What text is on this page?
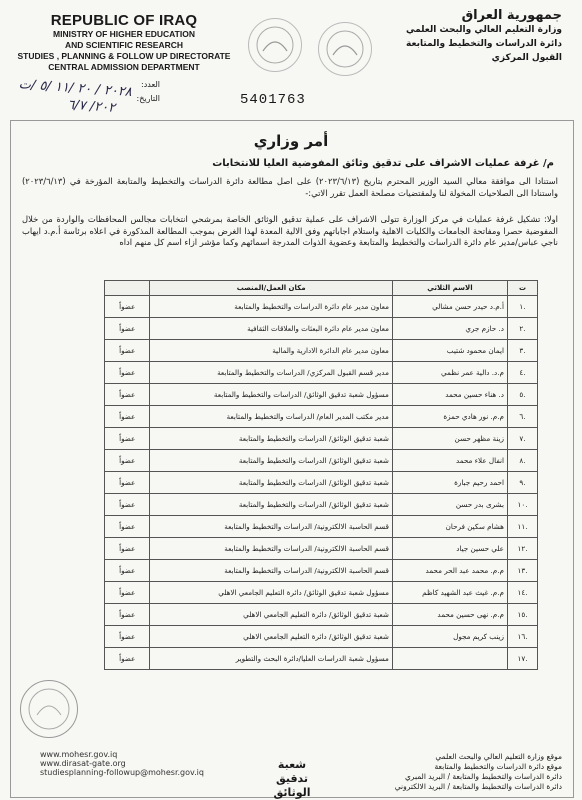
REPUBLIC OF IRAQ
MINISTRY OF HIGHER EDUCATION
AND SCIENTIFIC RESEARCH
STUDIES , PLANNING & FOLLOW UP DIRECTORATE
CENTRAL ADMISSION DEPARTMENT
جمهورية العراق
وزارة التعليم العالي والبحث العلمي
دائرة الدراسات والتخطيط والمتابعة
القبول المركزي
العدد:
التاريخ:
٢٠٢٨ / ٢٠ /١١ /٥ /ت
٢٠٢/ ٦/٧	5401763
أمر وزاري
م/ غرفة عمليات الاشراف على تدقيق وثائق المفوضية العليا للانتخابات
استنادا الى موافقة معالي السيد الوزير المحترم بتاريخ (٢٠٢٣/٦/١٣) على اصل مطالعة دائرة الدراسات والتخطيط والمتابعة المؤرخة في (٢٠٢٣/٦/١٣) واستنادا الى الصلاحيات المخولة لنا ولمقتضيات مصلحة العمل تقرر الاتي:-
اولا: تشكيل غرفة عمليات في مركز الوزارة تتولى الاشراف على عملية تدقيق الوثائق الخاصة بمرشحي انتخابات مجالس المحافظات والواردة من خلال المفوضية حصرا ومفاتحة الجامعات والكليات الاهلية واستلام اجاباتهم وفق الالية المعدة لهذا الغرض بموجب المطالعة المذكورة في اعلاه برئاسة أ.م.د ايهاب ناجي عباس/مدير عام دائرة الدراسات والتخطيط والمتابعة وعضوية الذوات المدرجة اسمائهم وكما مؤشر ازاء اسم كل منهم اداه
ت	الاسم الثلاثي	مكان العمل/المنصب	
.١	أ.م.د حيدر حسن مشالي	معاون مدير عام دائرة الدراسات والتخطيط والمتابعة	عضواً
.٢	د. حازم جري	معاون مدير عام دائرة البعثات والعلاقات الثقافية	عضواً
.٣	ايمان محمود شتيب	معاون مدير عام الدائرة الادارية والمالية	عضواً
.٤	م.د. دالية عمر نظمي	مدير قسم القبول المركزي/ الدراسات والتخطيط والمتابعة	عضواً
.٥	د. هناء حسين محمد	مسؤول شعبة تدقيق الوثائق/ الدراسات والتخطيط والمتابعة	عضواً
.٦	م.م. نور هادي حمزة	مدير مكتب المدير العام/ الدراسات والتخطيط والمتابعة	عضواً
.٧	زينة مظهر حسن	شعبة تدقيق الوثائق/ الدراسات والتخطيط والمتابعة	عضواً
.٨	انفال علاء محمد	شعبة تدقيق الوثائق/ الدراسات والتخطيط والمتابعة	عضواً
.٩	احمد رحيم جبارة	شعبة تدقيق الوثائق/ الدراسات والتخطيط والمتابعة	عضواً
.١٠	بشرى بدر حسن	شعبة تدقيق الوثائق/ الدراسات والتخطيط والمتابعة	عضواً
.١١	هشام سكين فرحان	قسم الحاسبة الالكترونية/ الدراسات والتخطيط والمتابعة	عضواً
.١٢	علي حسين جياد	قسم الحاسبة الالكترونية/ الدراسات والتخطيط والمتابعة	عضواً
.١٣	م.م. محمد عبد الحر محمد	قسم الحاسبة الالكترونية/ الدراسات والتخطيط والمتابعة	عضواً
.١٤	م.م. غيث عبد الشهيد كاظم	مسؤول شعبة تدقيق الوثائق/ دائرة التعليم الجامعي الاهلي	عضواً
.١٥	م.م. نهى حسين محمد	شعبة تدقيق الوثائق/ دائرة التعليم الجامعي الاهلي	عضواً
.١٦	زينب كريم مجول	شعبة تدقيق الوثائق/ دائرة التعليم الجامعي الاهلي	عضواً
.١٧		مسؤول شعبة الدراسات العليا/دائرة البحث والتطوير	عضواً
www.mohesr.gov.iq
www.dirasat-gate.org
studiesplanning-followup@mohesr.gov.iq
شعبة
تدقيق
الوثائق
موقع وزارة التعليم العالي والبحث العلمي
موقع دائرة الدراسات والتخطيط والمتابعة
دائرة الدراسات والتخطيط والمتابعة / البريد المبري
دائرة الدراسات والتخطيط والمتابعة / البريد الالكتروني
